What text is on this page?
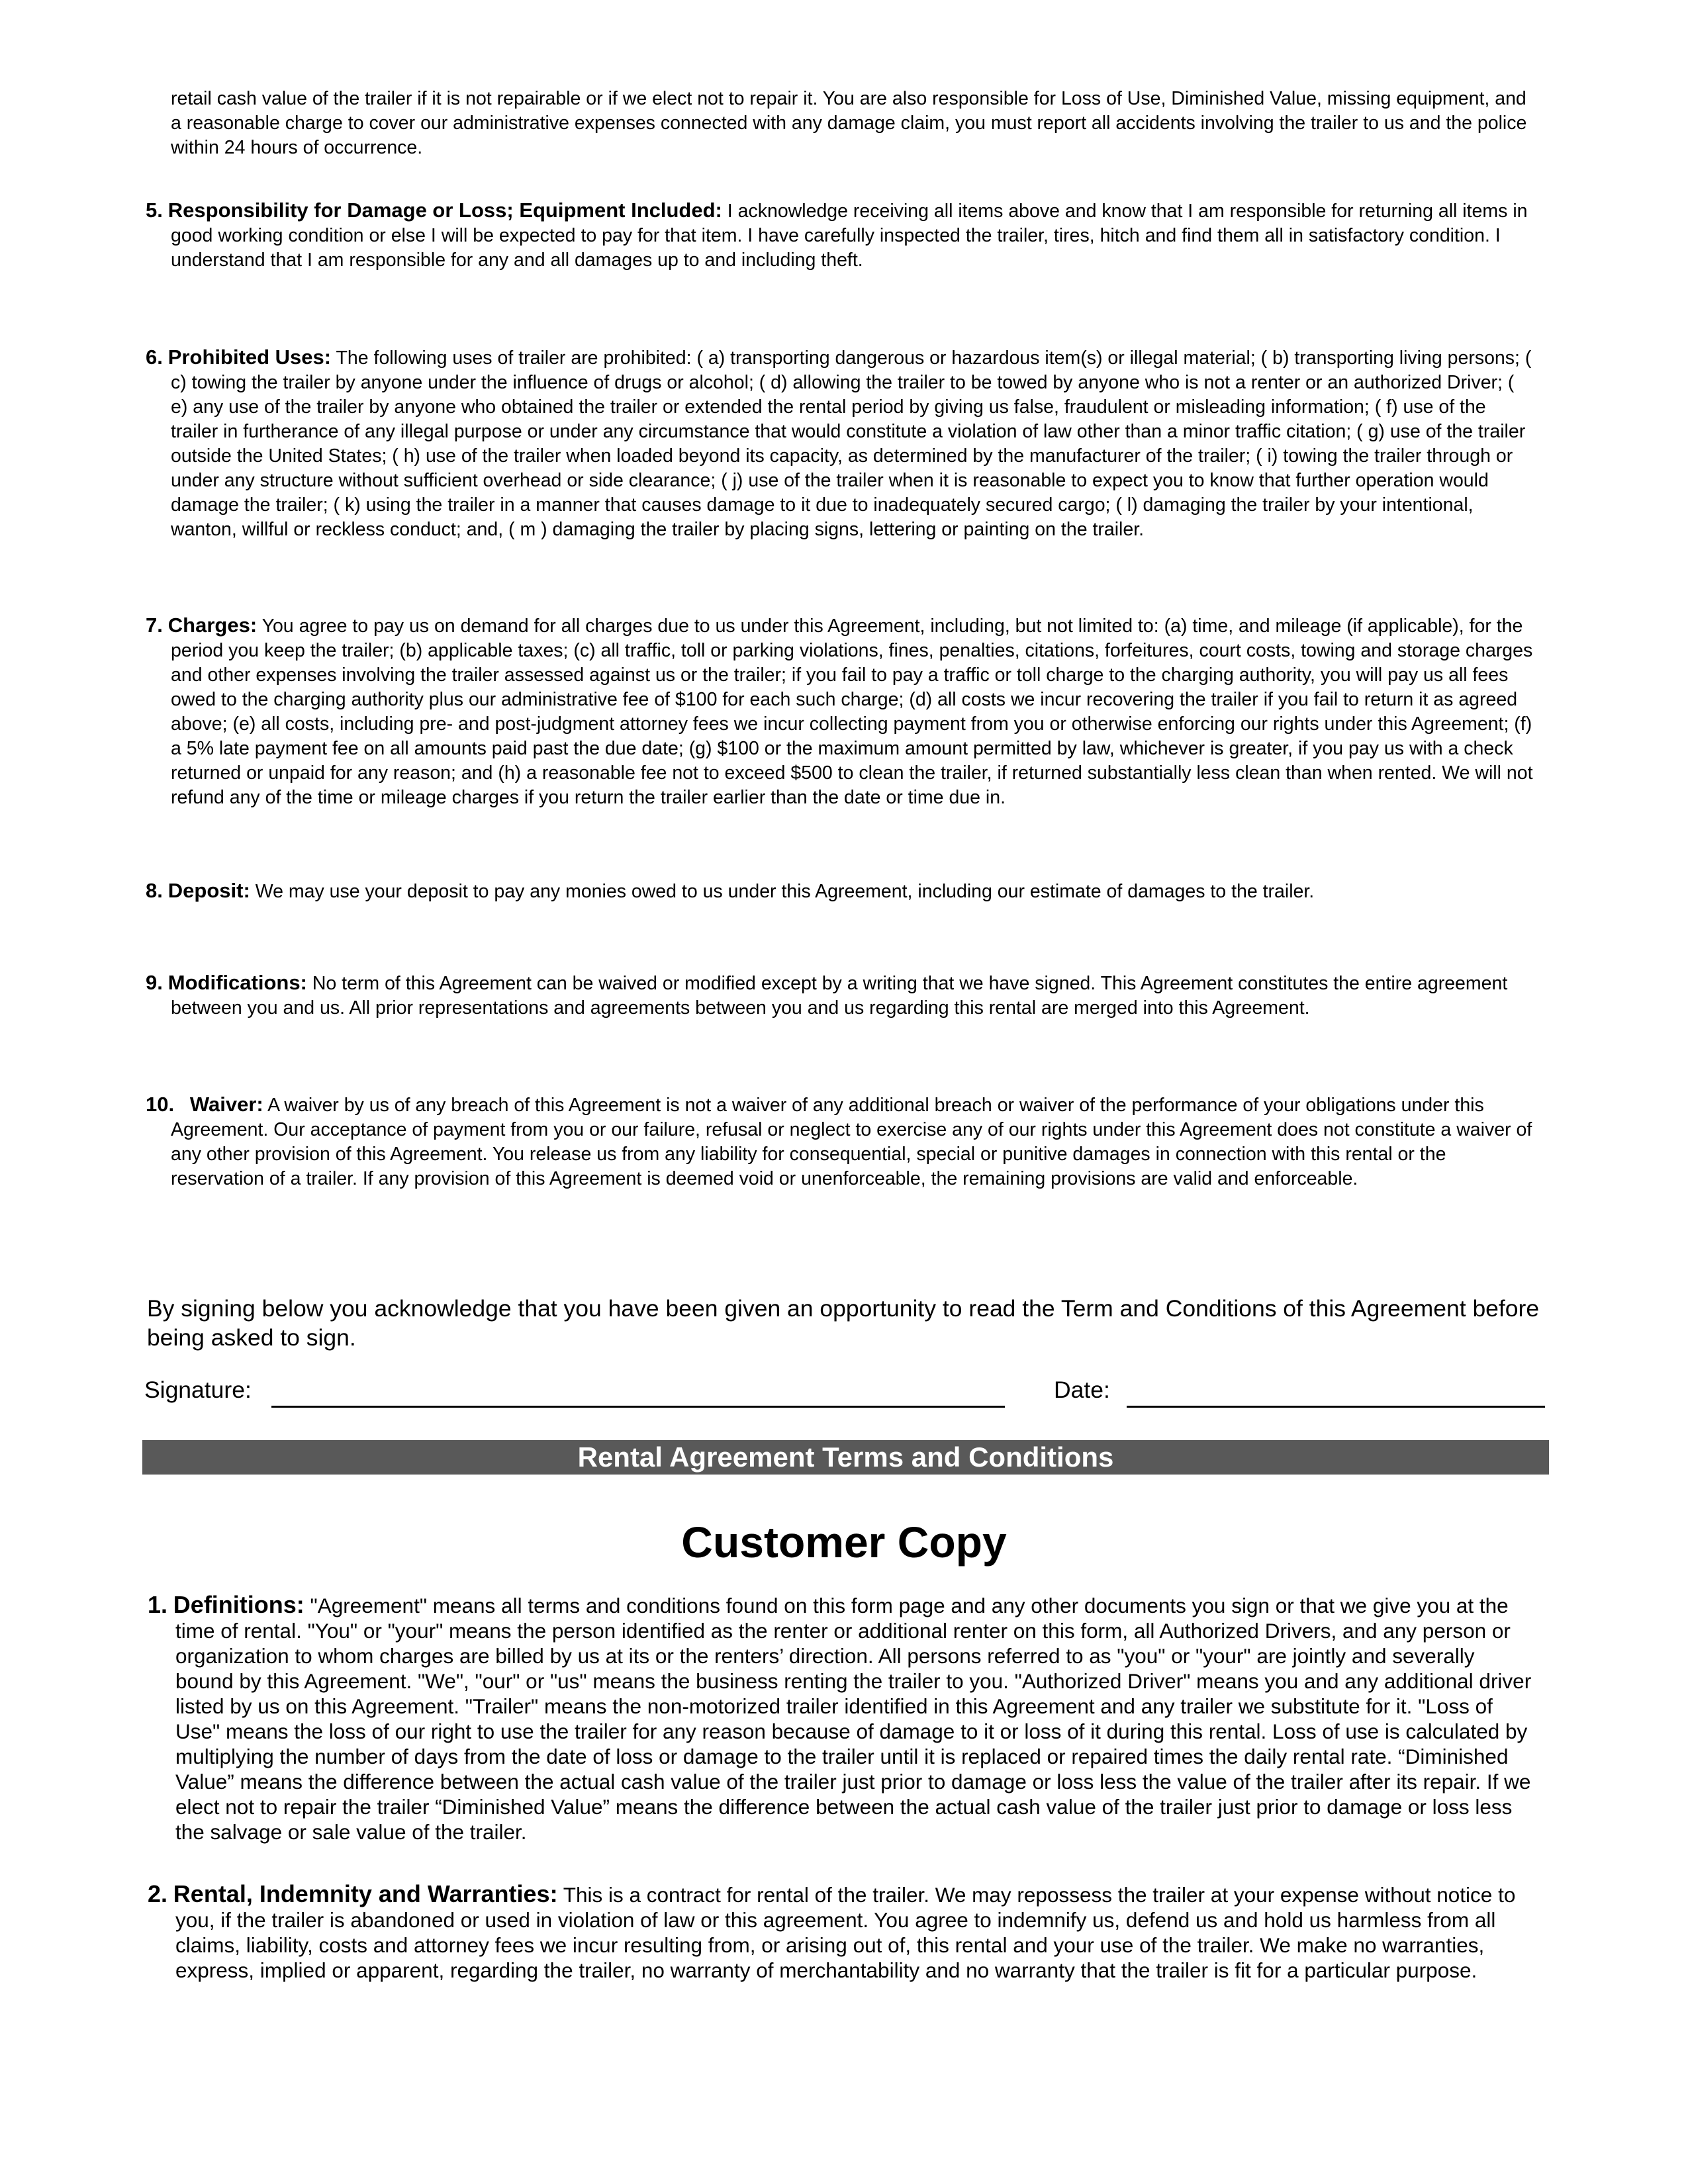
retail cash value of the trailer if it is not repairable or if we elect not to repair it. You are also responsible for Loss of Use, Diminished Value, missing equipment, and a reasonable charge to cover our administrative expenses connected with any damage claim, you must report all accidents involving the trailer to us and the police within 24 hours of occurrence.

5. Responsibility for Damage or Loss; Equipment Included: I acknowledge receiving all items above and know that I am responsible for returning all items in good working condition or else I will be expected to pay for that item. I have carefully inspected the trailer, tires, hitch and find them all in satisfactory condition. I understand that I am responsible for any and all damages up to and including theft.

6. Prohibited Uses: The following uses of trailer are prohibited: ( a) transporting dangerous or hazardous item(s) or illegal material; ( b) transporting living persons; ( c) towing the trailer by anyone under the influence of drugs or alcohol; ( d) allowing the trailer to be towed by anyone who is not a renter or an authorized Driver; ( e) any use of the trailer by anyone who obtained the trailer or extended the rental period by giving us false, fraudulent or misleading information; ( f) use of the trailer in furtherance of any illegal purpose or under any circumstance that would constitute a violation of law other than a minor traffic citation; ( g) use of the trailer outside the United States; ( h) use of the trailer when loaded beyond its capacity, as determined by the manufacturer of the trailer; ( i) towing the trailer through or under any structure without sufficient overhead or side clearance; ( j) use of the trailer when it is reasonable to expect you to know that further operation would damage the trailer; ( k) using the trailer in a manner that causes damage to it due to inadequately secured cargo; ( l) damaging the trailer by your intentional, wanton, willful or reckless conduct; and, ( m ) damaging the trailer by placing signs, lettering or painting on the trailer.

7. Charges: You agree to pay us on demand for all charges due to us under this Agreement, including, but not limited to: (a) time, and mileage (if applicable), for the period you keep the trailer; (b) applicable taxes; (c) all traffic, toll or parking violations, fines, penalties, citations, forfeitures, court costs, towing and storage charges and other expenses involving the trailer assessed against us or the trailer; if you fail to pay a traffic or toll charge to the charging authority, you will pay us all fees owed to the charging authority plus our administrative fee of $100 for each such charge; (d) all costs we incur recovering the trailer if you fail to return it as agreed above; (e) all costs, including pre- and post-judgment attorney fees we incur collecting payment from you or otherwise enforcing our rights under this Agreement; (f) a 5% late payment fee on all amounts paid past the due date; (g) $100 or the maximum amount permitted by law, whichever is greater, if you pay us with a check returned or unpaid for any reason; and (h) a reasonable fee not to exceed $500 to clean the trailer, if returned substantially less clean than when rented. We will not refund any of the time or mileage charges if you return the trailer earlier than the date or time due in.

8. Deposit: We may use your deposit to pay any monies owed to us under this Agreement, including our estimate of damages to the trailer.

9. Modifications: No term of this Agreement can be waived or modified except by a writing that we have signed. This Agreement constitutes the entire agreement between you and us. All prior representations and agreements between you and us regarding this rental are merged into this Agreement.

10. Waiver: A waiver by us of any breach of this Agreement is not a waiver of any additional breach or waiver of the performance of your obligations under this Agreement. Our acceptance of payment from you or our failure, refusal or neglect to exercise any of our rights under this Agreement does not constitute a waiver of any other provision of this Agreement. You release us from any liability for consequential, special or punitive damages in connection with this rental or the reservation of a trailer. If any provision of this Agreement is deemed void or unenforceable, the remaining provisions are valid and enforceable.

By signing below you acknowledge that you have been given an opportunity to read the Term and Conditions of this Agreement before being asked to sign.

Signature:	Date:
Rental Agreement Terms and Conditions
Customer Copy

1. Definitions: "Agreement" means all terms and conditions found on this form page and any other documents you sign or that we give you at the time of rental. "You" or "your" means the person identified as the renter or additional renter on this form, all Authorized Drivers, and any person or organization to whom charges are billed by us at its or the renters’ direction. All persons referred to as "you" or "your" are jointly and severally bound by this Agreement. "We", "our" or "us" means the business renting the trailer to you. "Authorized Driver" means you and any additional driver listed by us on this Agreement. "Trailer" means the non-motorized trailer identified in this Agreement and any trailer we substitute for it. "Loss of Use" means the loss of our right to use the trailer for any reason because of damage to it or loss of it during this rental. Loss of use is calculated by multiplying the number of days from the date of loss or damage to the trailer until it is replaced or repaired times the daily rental rate. “Diminished Value” means the difference between the actual cash value of the trailer just prior to damage or loss less the value of the trailer after its repair. If we elect not to repair the trailer “Diminished Value” means the difference between the actual cash value of the trailer just prior to damage or loss less the salvage or sale value of the trailer.

2. Rental, Indemnity and Warranties: This is a contract for rental of the trailer. We may repossess the trailer at your expense without notice to you, if the trailer is abandoned or used in violation of law or this agreement. You agree to indemnify us, defend us and hold us harmless from all claims, liability, costs and attorney fees we incur resulting from, or arising out of, this rental and your use of the trailer. We make no warranties, express, implied or apparent, regarding the trailer, no warranty of merchantability and no warranty that the trailer is fit for a particular purpose.
